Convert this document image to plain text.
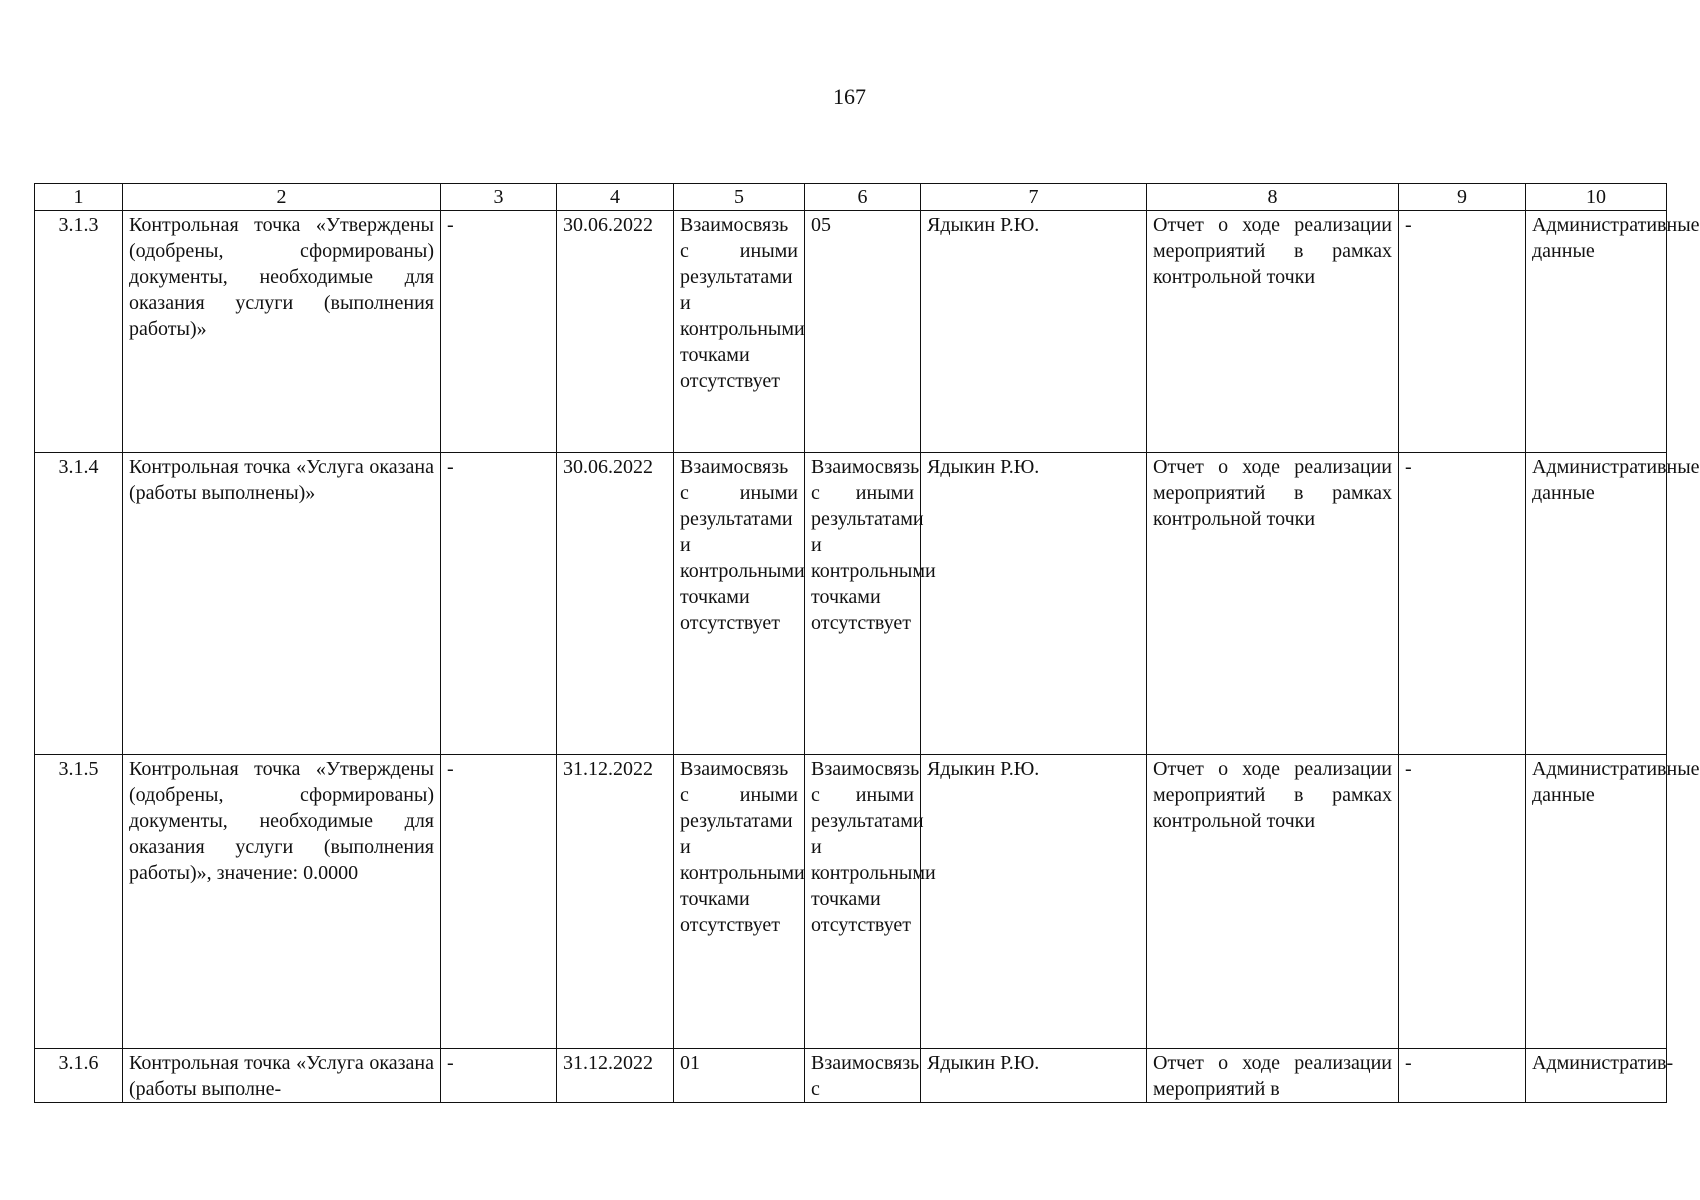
167
1	2	3	4	5	6	7	8	9	10
3.1.3	Контрольная точка «Утверждены (одобрены, сформированы) документы, необходимые для оказания услуги (выполнения работы)»	-	30.06.2022	Взаимосвязь с иными результатами и контрольными точками отсутствует	05	Ядыкин Р.Ю.	Отчет о ходе реализации мероприятий в рамках контрольной точки	-	Административные данные
3.1.4	Контрольная точка «Услуга оказана (работы выполнены)»	-	30.06.2022	Взаимосвязь с иными результатами и контрольными точками отсутствует	Взаимосвязь с иными результатами и контрольными точками отсутствует	Ядыкин Р.Ю.	Отчет о ходе реализации мероприятий в рамках контрольной точки	-	Административные данные
3.1.5	Контрольная точка «Утверждены (одобрены, сформированы) документы, необходимые для оказания услуги (выполнения работы)», значение: 0.0000	-	31.12.2022	Взаимосвязь с иными результатами и контрольными точками отсутствует	Взаимосвязь с иными результатами и контрольными точками отсутствует	Ядыкин Р.Ю.	Отчет о ходе реализации мероприятий в рамках контрольной точки	-	Административные данные
3.1.6	Контрольная точка «Услуга оказана (работы выполне-	-	31.12.2022	01	Взаимосвязь с	Ядыкин Р.Ю.	Отчет о ходе реализации мероприятий в	-	Административ-
